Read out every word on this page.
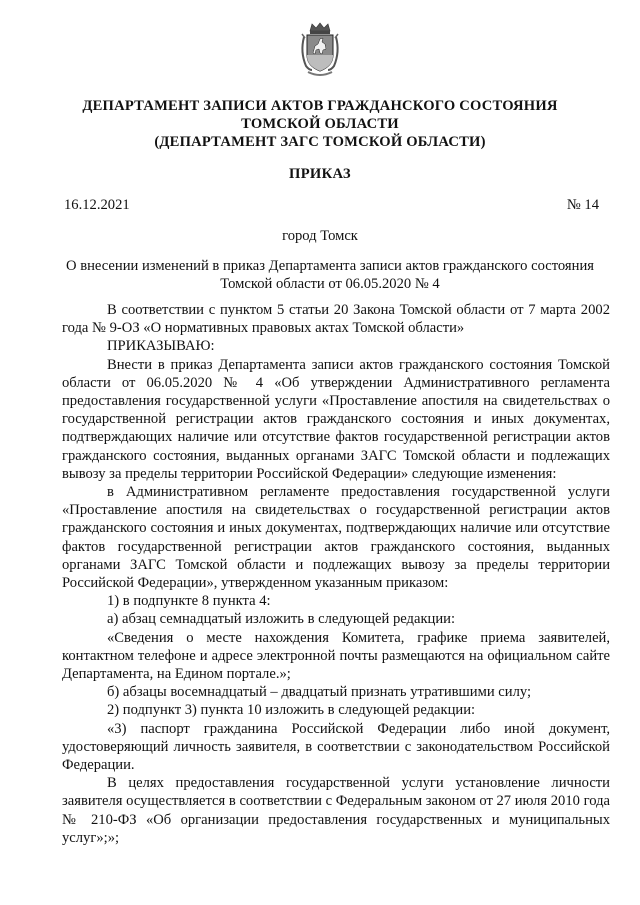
ДЕПАРТАМЕНТ ЗАПИСИ АКТОВ ГРАЖДАНСКОГО СОСТОЯНИЯ
ТОМСКОЙ ОБЛАСТИ
(ДЕПАРТАМЕНТ ЗАГС ТОМСКОЙ ОБЛАСТИ)
ПРИКАЗ
16.12.2021	№ 14
город Томск
О внесении изменений в приказ Департамента записи актов гражданского состояния
Томской области от 06.05.2020 № 4

В соответствии с пунктом 5 статьи 20 Закона Томской области от 7 марта 2002 года № 9-ОЗ «О нормативных правовых актах Томской области»

ПРИКАЗЫВАЮ:

Внести в приказ Департамента записи актов гражданского состояния Томской области от 06.05.2020 № 4 «Об утверждении Административного регламента предоставления государственной услуги «Проставление апостиля на свидетельствах о государственной регистрации актов гражданского состояния и иных документах, подтверждающих наличие или отсутствие фактов государственной регистрации актов гражданского состояния, выданных органами ЗАГС Томской области и подлежащих вывозу за пределы территории Российской Федерации» следующие изменения:

в Административном регламенте предоставления государственной услуги «Проставление апостиля на свидетельствах о государственной регистрации актов гражданского состояния и иных документах, подтверждающих наличие или отсутствие фактов государственной регистрации актов гражданского состояния, выданных органами ЗАГС Томской области и подлежащих вывозу за пределы территории Российской Федерации», утвержденном указанным приказом:

1) в подпункте 8 пункта 4:

а) абзац семнадцатый изложить в следующей редакции:

«Сведения о месте нахождения Комитета, графике приема заявителей, контактном телефоне и адресе электронной почты размещаются на официальном сайте Департамента, на Едином портале.»;

б) абзацы восемнадцатый – двадцатый признать утратившими силу;

2) подпункт 3) пункта 10 изложить в следующей редакции:

«3) паспорт гражданина Российской Федерации либо иной документ, удостоверяющий личность заявителя, в соответствии с законодательством Российской Федерации.

В целях предоставления государственной услуги установление личности заявителя осуществляется в соответствии с Федеральным законом от 27 июля 2010 года № 210-ФЗ «Об организации предоставления государственных и муниципальных услуг»;»;
